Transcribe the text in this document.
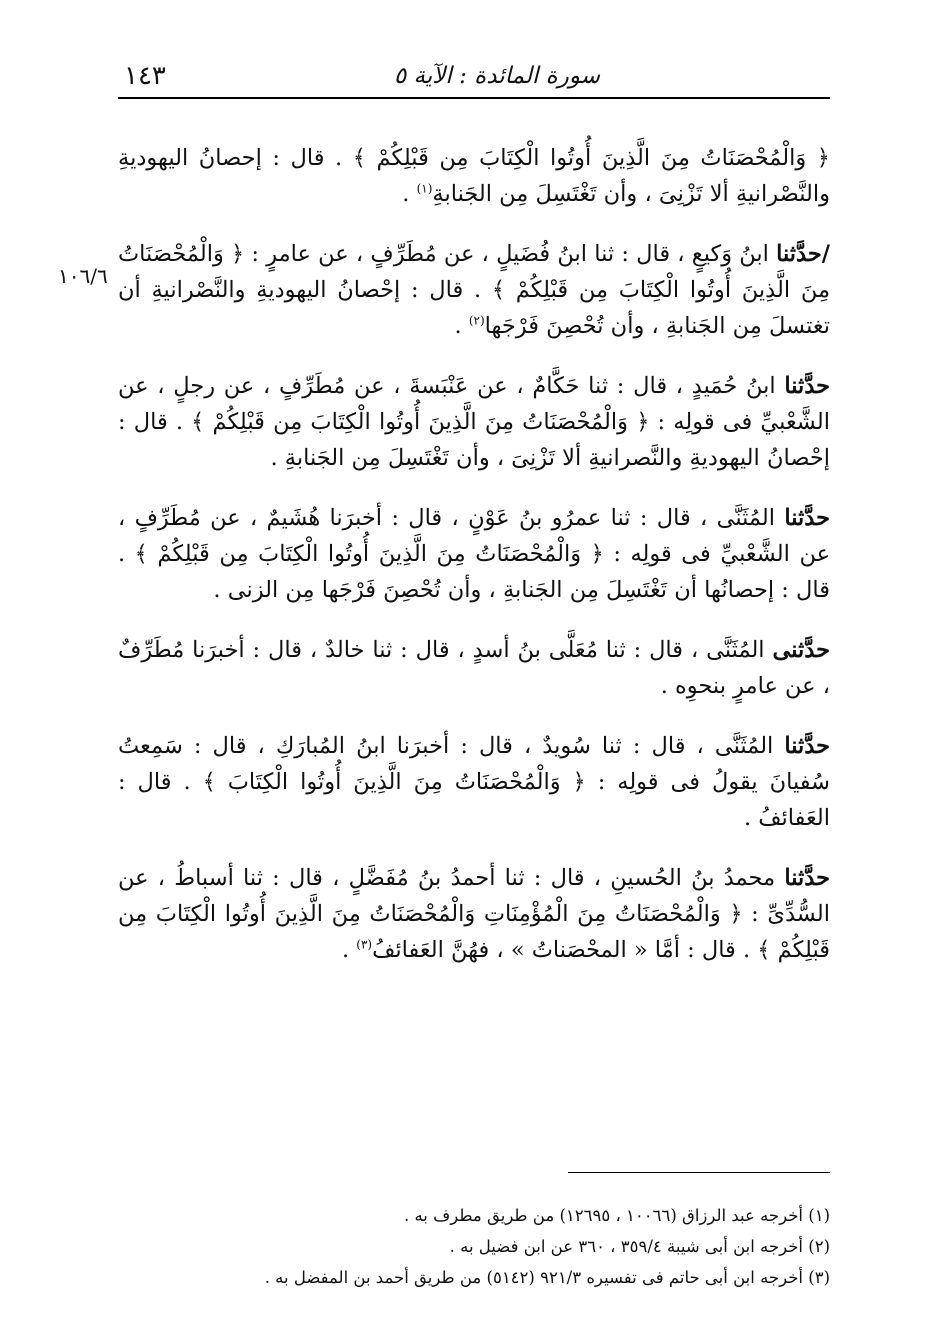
١٤٣	سورة المائدة : الآية ٥
١٠٦/٦

﴿ وَالْمُحْصَنَاتُ مِنَ الَّذِينَ أُوتُوا الْكِتَابَ مِن قَبْلِكُمْ ﴾ . قال : إحصانُ اليهوديةِ والنَّصْرانيةِ ألا تَزْنِىَ ، وأن تَغْتَسِلَ مِن الجَنابةِ$^{(١)}$ .

/حدَّثنا ابنُ وَكيعٍ ، قال : ثنا ابنُ فُضَيلٍ ، عن مُطَرِّفٍ ، عن عامرٍ : ﴿ وَالْمُحْصَنَاتُ مِنَ الَّذِينَ أُوتُوا الْكِتَابَ مِن قَبْلِكُمْ ﴾ . قال : إحْصانُ اليهوديةِ والنَّصْرانيةِ أن تغتسلَ مِن الجَنابةِ ، وأن تُحْصِنَ فَرْجَها$^{(٢)}$ .

حدَّثنا ابنُ حُمَيدٍ ، قال : ثنا حَكَّامٌ ، عن عَنْبَسةَ ، عن مُطَرِّفٍ ، عن رجلٍ ، عن الشَّعْبيِّ فى قولِه : ﴿ وَالْمُحْصَنَاتُ مِنَ الَّذِينَ أُوتُوا الْكِتَابَ مِن قَبْلِكُمْ ﴾ . قال : إحْصانُ اليهوديةِ والنَّصرانيةِ ألا تَزْنِىَ ، وأن تَغْتَسِلَ مِن الجَنابةِ .

حدَّثنا المُثَنَّى ، قال : ثنا عمرُو بنُ عَوْنٍ ، قال : أخبرَنا هُشَيمٌ ، عن مُطَرِّفٍ ، عن الشَّعْبيِّ فى قولِه : ﴿ وَالْمُحْصَنَاتُ مِنَ الَّذِينَ أُوتُوا الْكِتَابَ مِن قَبْلِكُمْ ﴾ . قال : إحصانُها أن تَغْتَسِلَ مِن الجَنابةِ ، وأن تُحْصِنَ فَرْجَها مِن الزنى .

حدَّثنى المُثَنَّى ، قال : ثنا مُعَلَّى بنُ أسدٍ ، قال : ثنا خالدٌ ، قال : أخبرَنا مُطَرِّفٌ ، عن عامرٍ بنحوِه .

حدَّثنا المُثَنَّى ، قال : ثنا سُويدٌ ، قال : أخبرَنا ابنُ المُبارَكِ ، قال : سَمِعتُ سُفيانَ يقولُ فى قولِه : ﴿ وَالْمُحْصَنَاتُ مِنَ الَّذِينَ أُوتُوا الْكِتَابَ ﴾ . قال : العَفائفُ .

حدَّثنا محمدُ بنُ الحُسينِ ، قال : ثنا أحمدُ بنُ مُفَضَّلٍ ، قال : ثنا أسباطُ ، عن السُّدِّىِّ : ﴿ وَالْمُحْصَنَاتُ مِنَ الْمُؤْمِنَاتِ وَالْمُحْصَنَاتُ مِنَ الَّذِينَ أُوتُوا الْكِتَابَ مِن قَبْلِكُمْ ﴾ . قال : أمَّا « المحْصَناتُ » ، فهُنَّ العَفائفُ$^{(٣)}$ .

(١) أخرجه عبد الرزاق (١٠٠٦٦ ، ١٢٦٩٥) من طريق مطرف به .

(٢) أخرجه ابن أبى شيبة ٣٥٩/٤ ، ٣٦٠ عن ابن فضيل به .

(٣) أخرجه ابن أبى حاتم فى تفسيره ٩٢١/٣ (٥١٤٢) من طريق أحمد بن المفضل به .
